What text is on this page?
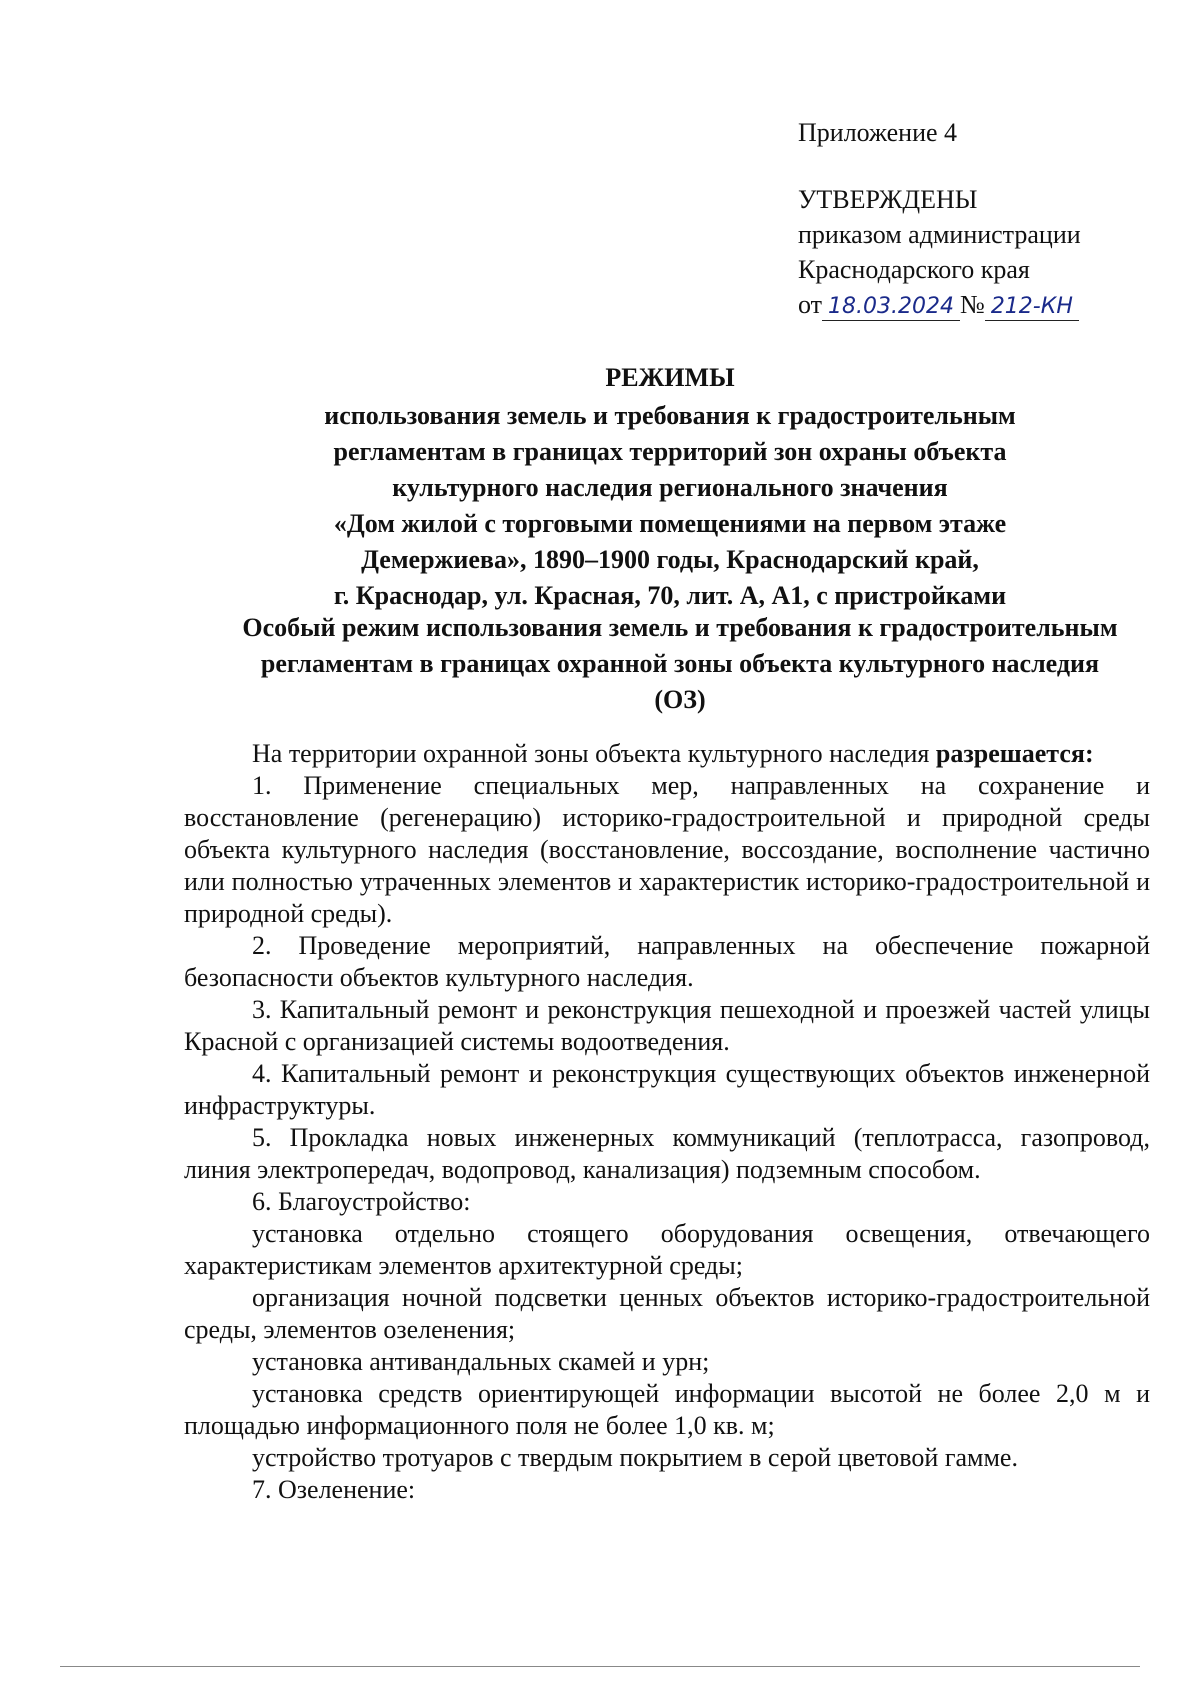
Приложение 4
УТВЕРЖДЕНЫ
приказом администрации
Краснодарского края
от 18.03.2024 № 212-КН
РЕЖИМЫ
использования земель и требования к градостроительным
регламентам в границах территорий зон охраны объекта
культурного наследия регионального значения
«Дом жилой с торговыми помещениями на первом этаже
Демержиева», 1890–1900 годы, Краснодарский край,
г. Краснодар, ул. Красная, 70, лит. А, А1, с пристройками
Особый режим использования земель и требования к градостроительным
регламентам в границах охранной зоны объекта культурного наследия
(ОЗ)

На территории охранной зоны объекта культурного наследия разрешается:

1. Применение специальных мер, направленных на сохранение и восстановление (регенерацию) историко-градостроительной и природной среды объекта культурного наследия (восстановление, воссоздание, восполнение частично или полностью утраченных элементов и характеристик историко-градостроительной и природной среды).

2. Проведение мероприятий, направленных на обеспечение пожарной безопасности объектов культурного наследия.

3. Капитальный ремонт и реконструкция пешеходной и проезжей частей улицы Красной с организацией системы водоотведения.

4. Капитальный ремонт и реконструкция существующих объектов инженерной инфраструктуры.

5. Прокладка новых инженерных коммуникаций (теплотрасса, газопровод, линия электропередач, водопровод, канализация) подземным способом.

6. Благоустройство:

установка отдельно стоящего оборудования освещения, отвечающего характеристикам элементов архитектурной среды;

организация ночной подсветки ценных объектов историко-градостроительной среды, элементов озеленения;

установка антивандальных скамей и урн;

установка средств ориентирующей информации высотой не более 2,0 м и площадью информационного поля не более 1,0 кв. м;

устройство тротуаров с твердым покрытием в серой цветовой гамме.

7. Озеленение:
